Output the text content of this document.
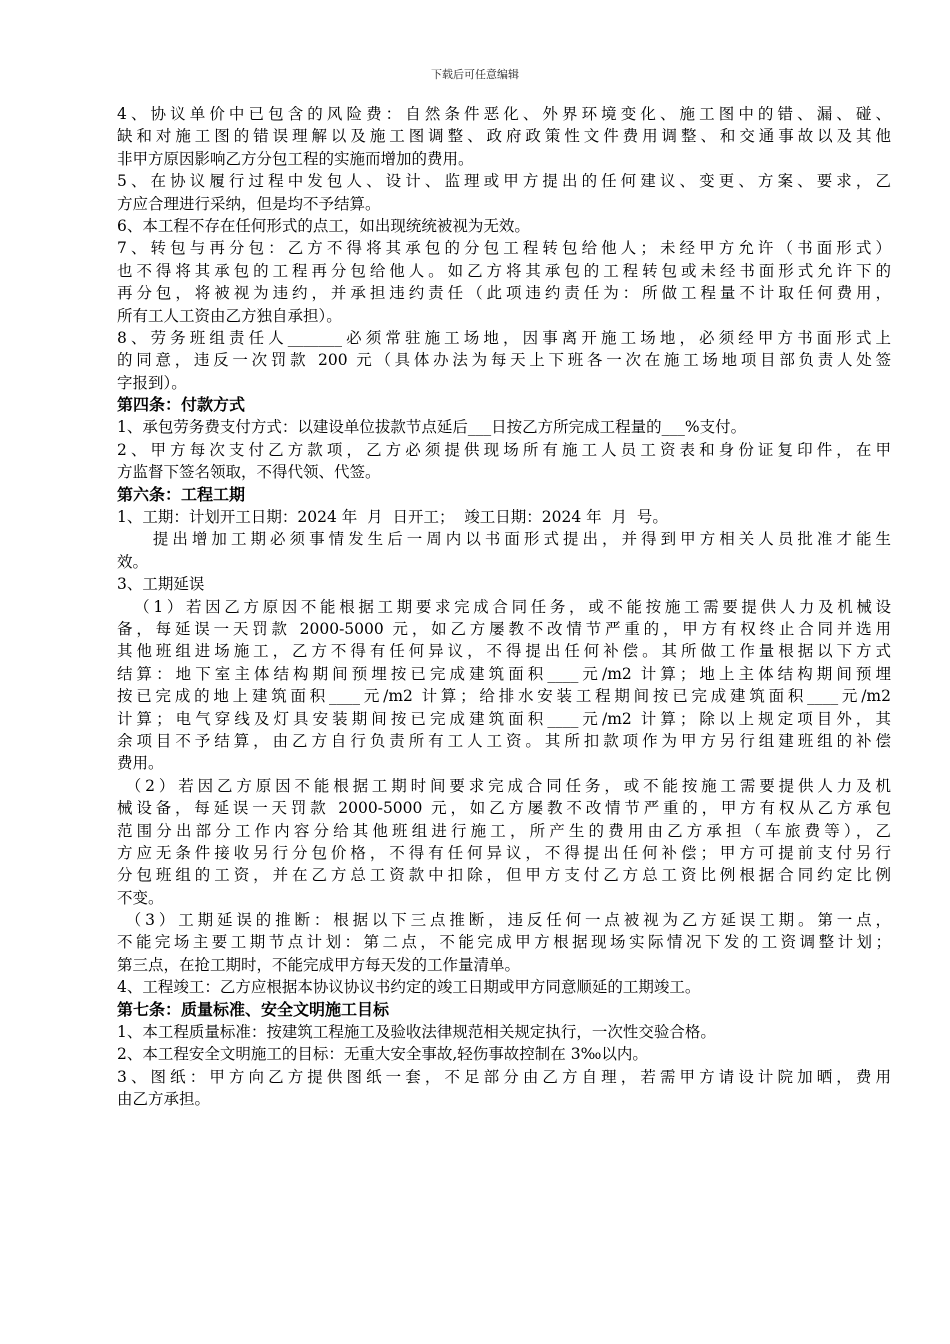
下载后可任意编辑
4、协议单价中已包含的风险费：自然条件恶化、外界环境变化、施工图中的错、漏、碰、
缺和对施工图的错误理解以及施工图调整、政府政策性文件费用调整、和交通事故以及其他
非甲方原因影响乙方分包工程的实施而增加的费用。
5、在协议履行过程中发包人、设计、监理或甲方提出的任何建议、变更、方案、要求，乙
方应合理进行采纳，但是均不予结算。
6、本工程不存在任何形式的点工，如出现统统被视为无效。
7、转包与再分包：乙方不得将其承包的分包工程转包给他人；未经甲方允许（书面形式）
也不得将其承包的工程再分包给他人。如乙方将其承包的工程转包或未经书面形式允许下的
再分包，将被视为违约，并承担违约责任（此项违约责任为：所做工程量不计取任何费用，
所有工人工资由乙方独自承担）。
8、劳务班组责任人_______必须常驻施工场地，因事离开施工场地，必须经甲方书面形式上
的同意，违反一次罚款 200 元（具体办法为每天上下班各一次在施工场地项目部负责人处签
字报到）。
第四条：付款方式
1、承包劳务费支付方式：以建设单位拔款节点延后___日按乙方所完成工程量的___%支付。
2、甲方每次支付乙方款项，乙方必须提供现场所有施工人员工资表和身份证复印件，在甲
方监督下签名领取，不得代领、代签。
第六条：工程工期
1、工期：计划开工日期：2024 年  月  日开工；  竣工日期：2024 年  月  号。
提出增加工期必须事情发生后一周内以书面形式提出，并得到甲方相关人员批准才能生
效。
3、工期延误
（1）若因乙方原因不能根据工期要求完成合同任务，或不能按施工需要提供人力及机械设
备，每延误一天罚款 2000-5000 元，如乙方屡教不改情节严重的，甲方有权终止合同并选用
其他班组进场施工，乙方不得有任何异议，不得提出任何补偿。其所做工作量根据以下方式
结算：地下室主体结构期间预埋按已完成建筑面积____元/m2 计算；地上主体结构期间预埋
按已完成的地上建筑面积____元/m2 计算；给排水安装工程期间按已完成建筑面积____元/m2
计算；电气穿线及灯具安装期间按已完成建筑面积____元/m2 计算；除以上规定项目外，其
余项目不予结算，由乙方自行负责所有工人工资。其所扣款项作为甲方另行组建班组的补偿
费用。
（2）若因乙方原因不能根据工期时间要求完成合同任务，或不能按施工需要提供人力及机
械设备，每延误一天罚款 2000-5000 元，如乙方屡教不改情节严重的，甲方有权从乙方承包
范围分出部分工作内容分给其他班组进行施工，所产生的费用由乙方承担（车旅费等），乙
方应无条件接收另行分包价格，不得有任何异议，不得提出任何补偿；甲方可提前支付另行
分包班组的工资，并在乙方总工资款中扣除，但甲方支付乙方总工资比例根据合同约定比例
不变。
（3）工期延误的推断：根据以下三点推断，违反任何一点被视为乙方延误工期。第一点，
不能完场主要工期节点计划：第二点，不能完成甲方根据现场实际情况下发的工资调整计划；
第三点，在抢工期时，不能完成甲方每天发的工作量清单。
4、工程竣工：乙方应根据本协议协议书约定的竣工日期或甲方同意顺延的工期竣工。
第七条：质量标准、安全文明施工目标
1、本工程质量标准：按建筑工程施工及验收法律规范相关规定执行，一次性交验合格。
2、本工程安全文明施工的目标：无重大安全事故,轻伤事故控制在 3‰以内。
3、图纸：甲方向乙方提供图纸一套，不足部分由乙方自理，若需甲方请设计院加晒，费用
由乙方承担。
